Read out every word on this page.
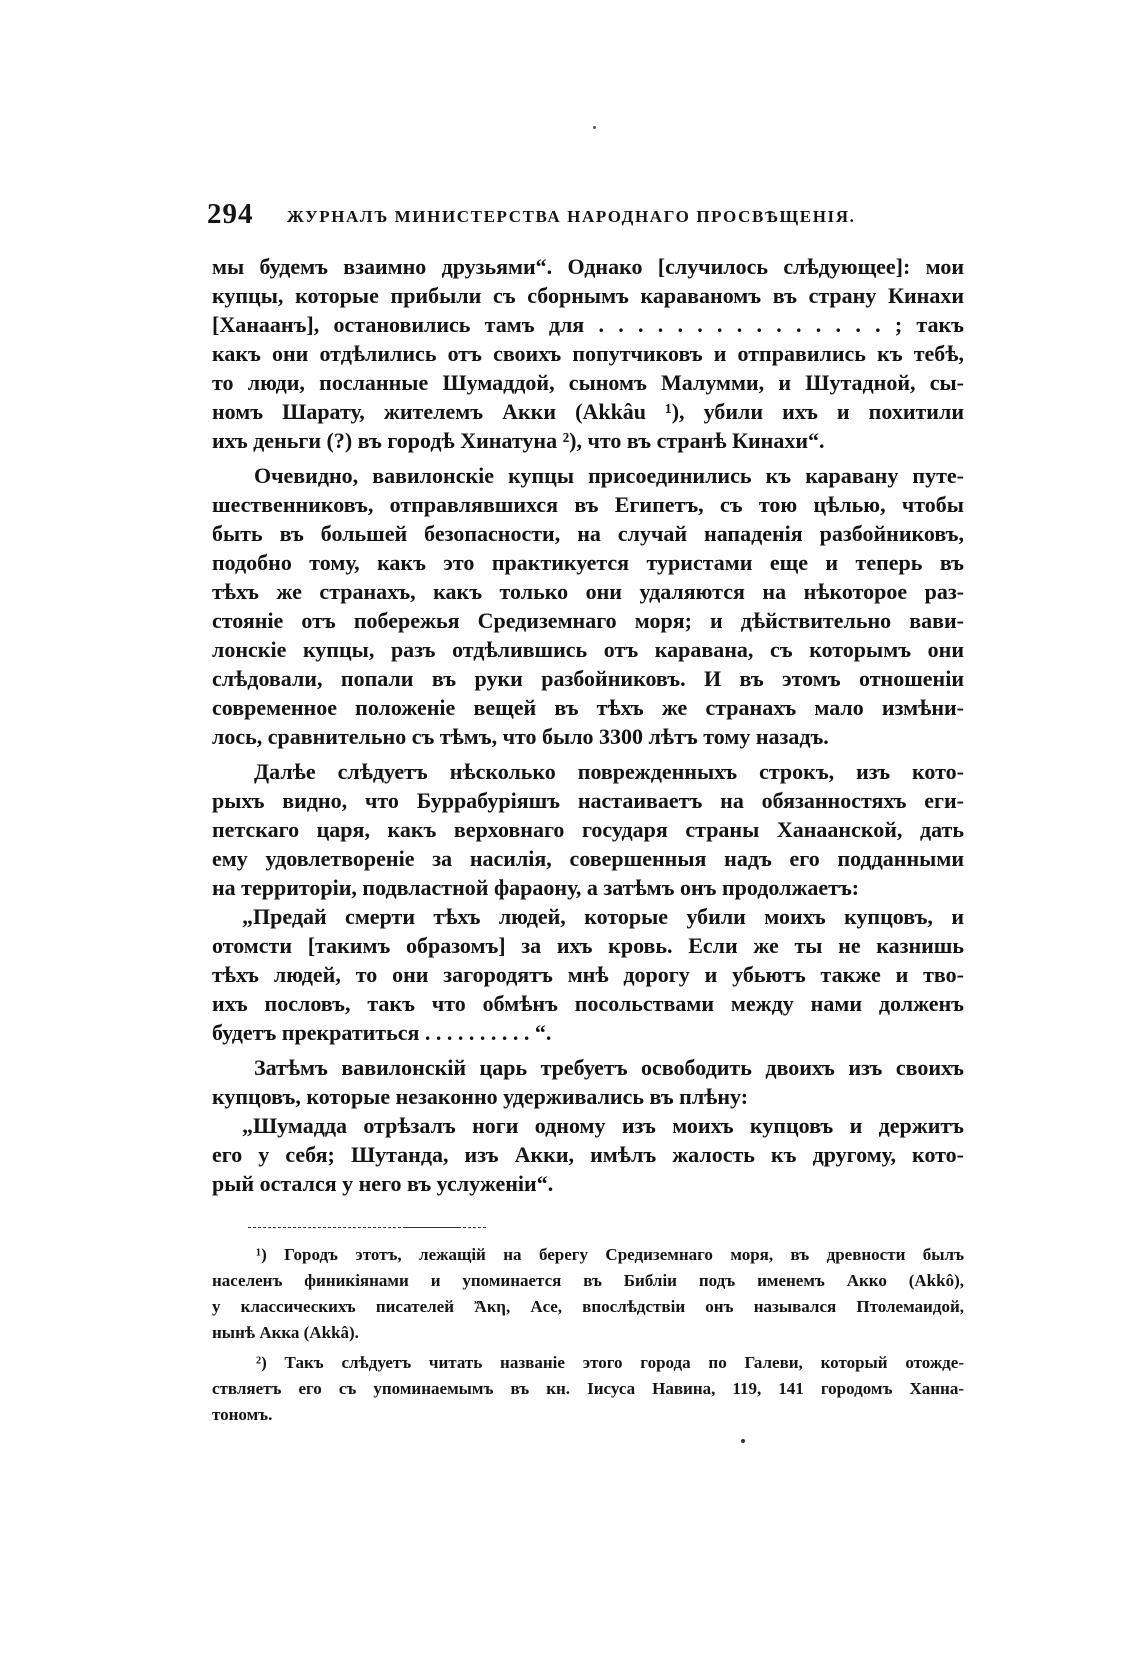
294 ЖУРНАЛЪ МИНИСТЕРСТВА НАРОДНАГО ПРОСВѢЩЕНІЯ.
мы будемъ взаимно друзьями“. Однако [случилось слѣдующее]: мои
купцы, которые прибыли съ сборнымъ караваномъ въ страну Кинахи
[Ханаанъ], остановились тамъ для . . . . . . . . . . . . . . . ; такъ
какъ они отдѣлились отъ своихъ попутчиковъ и отправились къ тебѣ,
то люди, посланные Шумаддой, сыномъ Малумми, и Шутадной, сы-
номъ Шарату, жителемъ Акки (Akkâu ¹), убили ихъ и похитили
ихъ деньги (?) въ городѣ Хинатуна ²), что въ странѣ Кинахи“.
Очевидно, вавилонскіе купцы присоединились къ каравану путе-
шественниковъ, отправлявшихся въ Египетъ, съ тою цѣлью, чтобы
быть въ большей безопасности, на случай нападенія разбойниковъ,
подобно тому, какъ это практикуется туристами еще и теперь въ
тѣхъ же странахъ, какъ только они удаляются на нѣкоторое раз-
стояніе отъ побережья Средиземнаго моря; и дѣйствительно вави-
лонскіе купцы, разъ отдѣлившись отъ каравана, съ которымъ они
слѣдовали, попали въ руки разбойниковъ. И въ этомъ отношеніи
современное положеніе вещей въ тѣхъ же странахъ мало измѣни-
лось, сравнительно съ тѣмъ, что было 3300 лѣтъ тому назадъ.
Далѣе слѣдуетъ нѣсколько поврежденныхъ строкъ, изъ кото-
рыхъ видно, что Буррабуріяшъ настаиваетъ на обязанностяхъ еги-
петскаго царя, какъ верховнаго государя страны Ханаанской, дать
ему удовлетвореніе за насилія, совершенныя надъ его подданными
на территоріи, подвластной фараону, а затѣмъ онъ продолжаетъ:
„Предай смерти тѣхъ людей, которые убили моихъ купцовъ, и
отомсти [такимъ образомъ] за ихъ кровь. Если же ты не казнишь
тѣхъ людей, то они загородятъ мнѣ дорогу и убьютъ также и тво-
ихъ пословъ, такъ что обмѣнъ посольствами между нами долженъ
будетъ прекратиться . . . . . . . . . . “.
Затѣмъ вавилонскій царь требуетъ освободить двоихъ изъ своихъ
купцовъ, которые незаконно удерживались въ плѣну:
„Шумадда отрѣзалъ ноги одному изъ моихъ купцовъ и держитъ
его у себя; Шутанда, изъ Акки, имѣлъ жалость къ другому, кото-
рый остался у него въ услуженіи“.
¹) Городъ этотъ, лежащій на берегу Средиземнаго моря, въ древности былъ
населенъ финикіянами и упоминается въ Библіи подъ именемъ Акко (Akkô),
у классическихъ писателей Ἄκη, Ace, впослѣдствіи онъ назывался Птолемаидой,
нынѣ Акка (Akkâ).
²) Такъ слѣдуетъ читать названіе этого города по Галеви, который отожде-
ствляетъ его съ упоминаемымъ въ кн. Іисуса Навина, 119, 141 городомъ Ханна-
тономъ.
